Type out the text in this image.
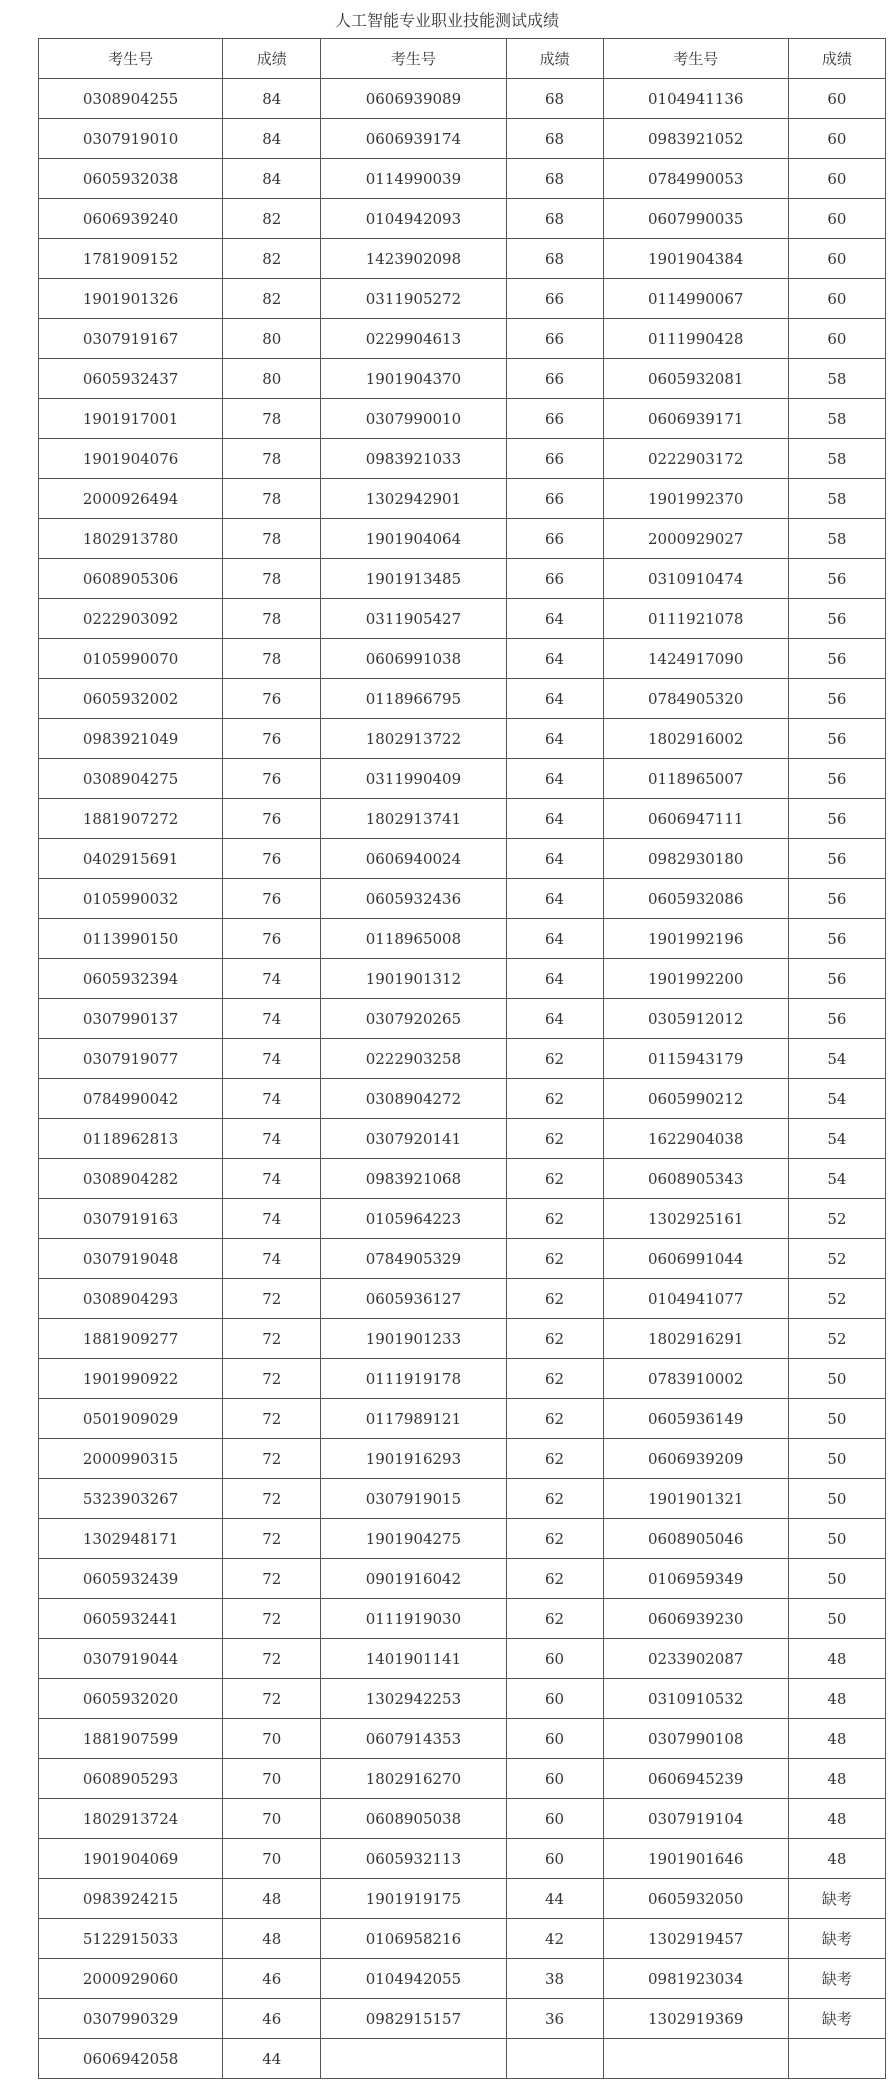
人工智能专业职业技能测试成绩
考生号	成绩	考生号	成绩	考生号	成绩
0308904255	84	0606939089	68	0104941136	60
0307919010	84	0606939174	68	0983921052	60
0605932038	84	0114990039	68	0784990053	60
0606939240	82	0104942093	68	0607990035	60
1781909152	82	1423902098	68	1901904384	60
1901901326	82	0311905272	66	0114990067	60
0307919167	80	0229904613	66	0111990428	60
0605932437	80	1901904370	66	0605932081	58
1901917001	78	0307990010	66	0606939171	58
1901904076	78	0983921033	66	0222903172	58
2000926494	78	1302942901	66	1901992370	58
1802913780	78	1901904064	66	2000929027	58
0608905306	78	1901913485	66	0310910474	56
0222903092	78	0311905427	64	0111921078	56
0105990070	78	0606991038	64	1424917090	56
0605932002	76	0118966795	64	0784905320	56
0983921049	76	1802913722	64	1802916002	56
0308904275	76	0311990409	64	0118965007	56
1881907272	76	1802913741	64	0606947111	56
0402915691	76	0606940024	64	0982930180	56
0105990032	76	0605932436	64	0605932086	56
0113990150	76	0118965008	64	1901992196	56
0605932394	74	1901901312	64	1901992200	56
0307990137	74	0307920265	64	0305912012	56
0307919077	74	0222903258	62	0115943179	54
0784990042	74	0308904272	62	0605990212	54
0118962813	74	0307920141	62	1622904038	54
0308904282	74	0983921068	62	0608905343	54
0307919163	74	0105964223	62	1302925161	52
0307919048	74	0784905329	62	0606991044	52
0308904293	72	0605936127	62	0104941077	52
1881909277	72	1901901233	62	1802916291	52
1901990922	72	0111919178	62	0783910002	50
0501909029	72	0117989121	62	0605936149	50
2000990315	72	1901916293	62	0606939209	50
5323903267	72	0307919015	62	1901901321	50
1302948171	72	1901904275	62	0608905046	50
0605932439	72	0901916042	62	0106959349	50
0605932441	72	0111919030	62	0606939230	50
0307919044	72	1401901141	60	0233902087	48
0605932020	72	1302942253	60	0310910532	48
1881907599	70	0607914353	60	0307990108	48
0608905293	70	1802916270	60	0606945239	48
1802913724	70	0608905038	60	0307919104	48
1901904069	70	0605932113	60	1901901646	48
0983924215	48	1901919175	44	0605932050	缺考
5122915033	48	0106958216	42	1302919457	缺考
2000929060	46	0104942055	38	0981923034	缺考
0307990329	46	0982915157	36	1302919369	缺考
0606942058	44				
